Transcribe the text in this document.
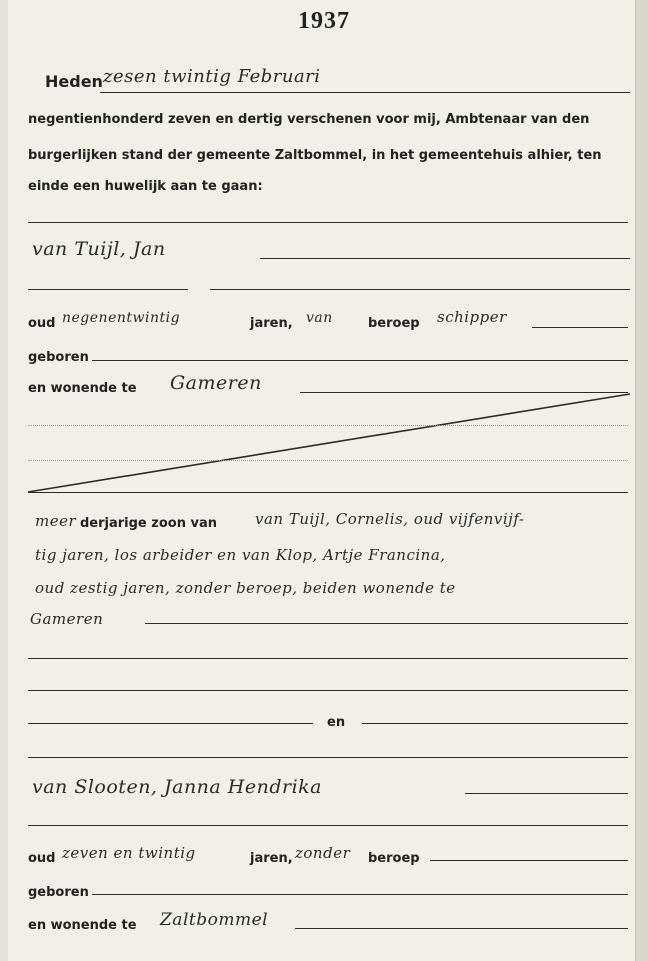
1937
Heden zesen twintig Februari
negentienhonderd zeven en dertig verschenen voor mij, Ambtenaar van den
burgerlijken stand der gemeente Zaltbommel, in het gemeentehuis alhier, ten
einde een huwelijk aan te gaan:
van Tuijl, Jan
oud negenentwintig	jaren, van	beroep schipper
geboren
en wonende te Gameren
meer derjarige zoon van	van Tuijl, Cornelis, oud vijfenvijf-
tig jaren, los arbeider en van Klop, Artje Francina,
oud zestig jaren, zonder beroep, beiden wonende te
Gameren
en
van Slooten, Janna Hendrika
oud zeven en twintig	jaren, zonder beroep
geboren
en wonende te Zaltbommel
